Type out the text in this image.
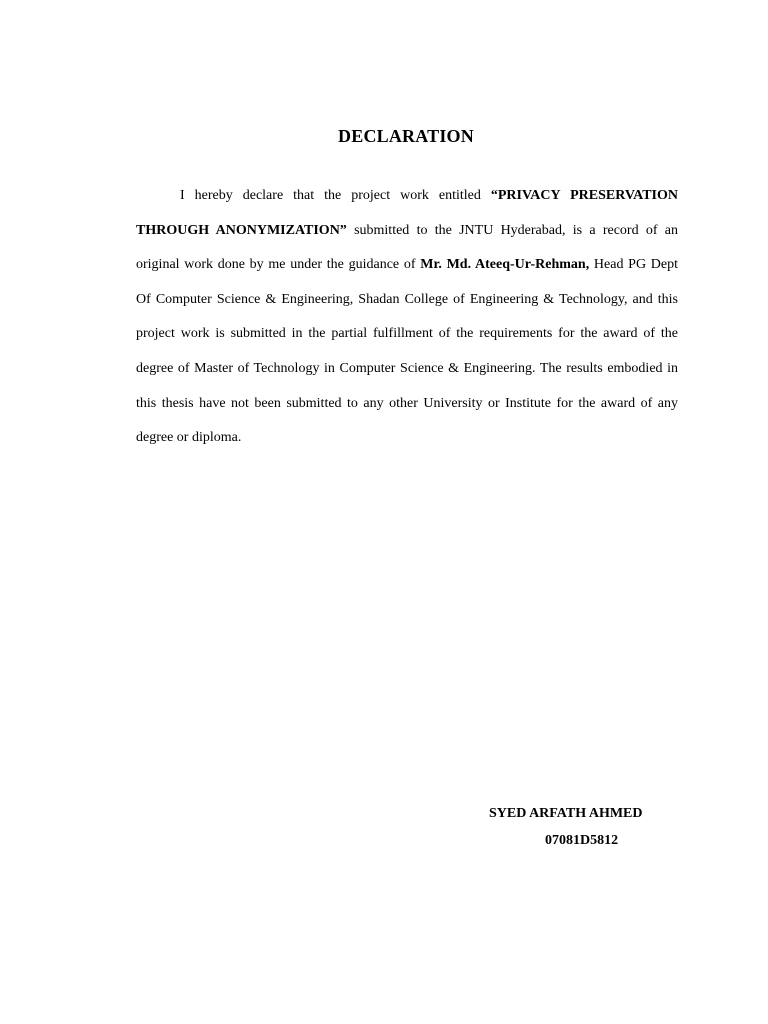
DECLARATION

I hereby declare that the project work entitled “PRIVACY PRESERVATION THROUGH ANONYMIZATION” submitted to the JNTU Hyderabad, is a record of an original work done by me under the guidance of Mr. Md. Ateeq-Ur-Rehman, Head PG Dept Of Computer Science & Engineering, Shadan College of Engineering & Technology, and this project work is submitted in the partial fulfillment of the requirements for the award of the degree of Master of Technology in Computer Science & Engineering. The results embodied in this thesis have not been submitted to any other University or Institute for the award of any degree or diploma.

SYED ARFATH AHMED

07081D5812
